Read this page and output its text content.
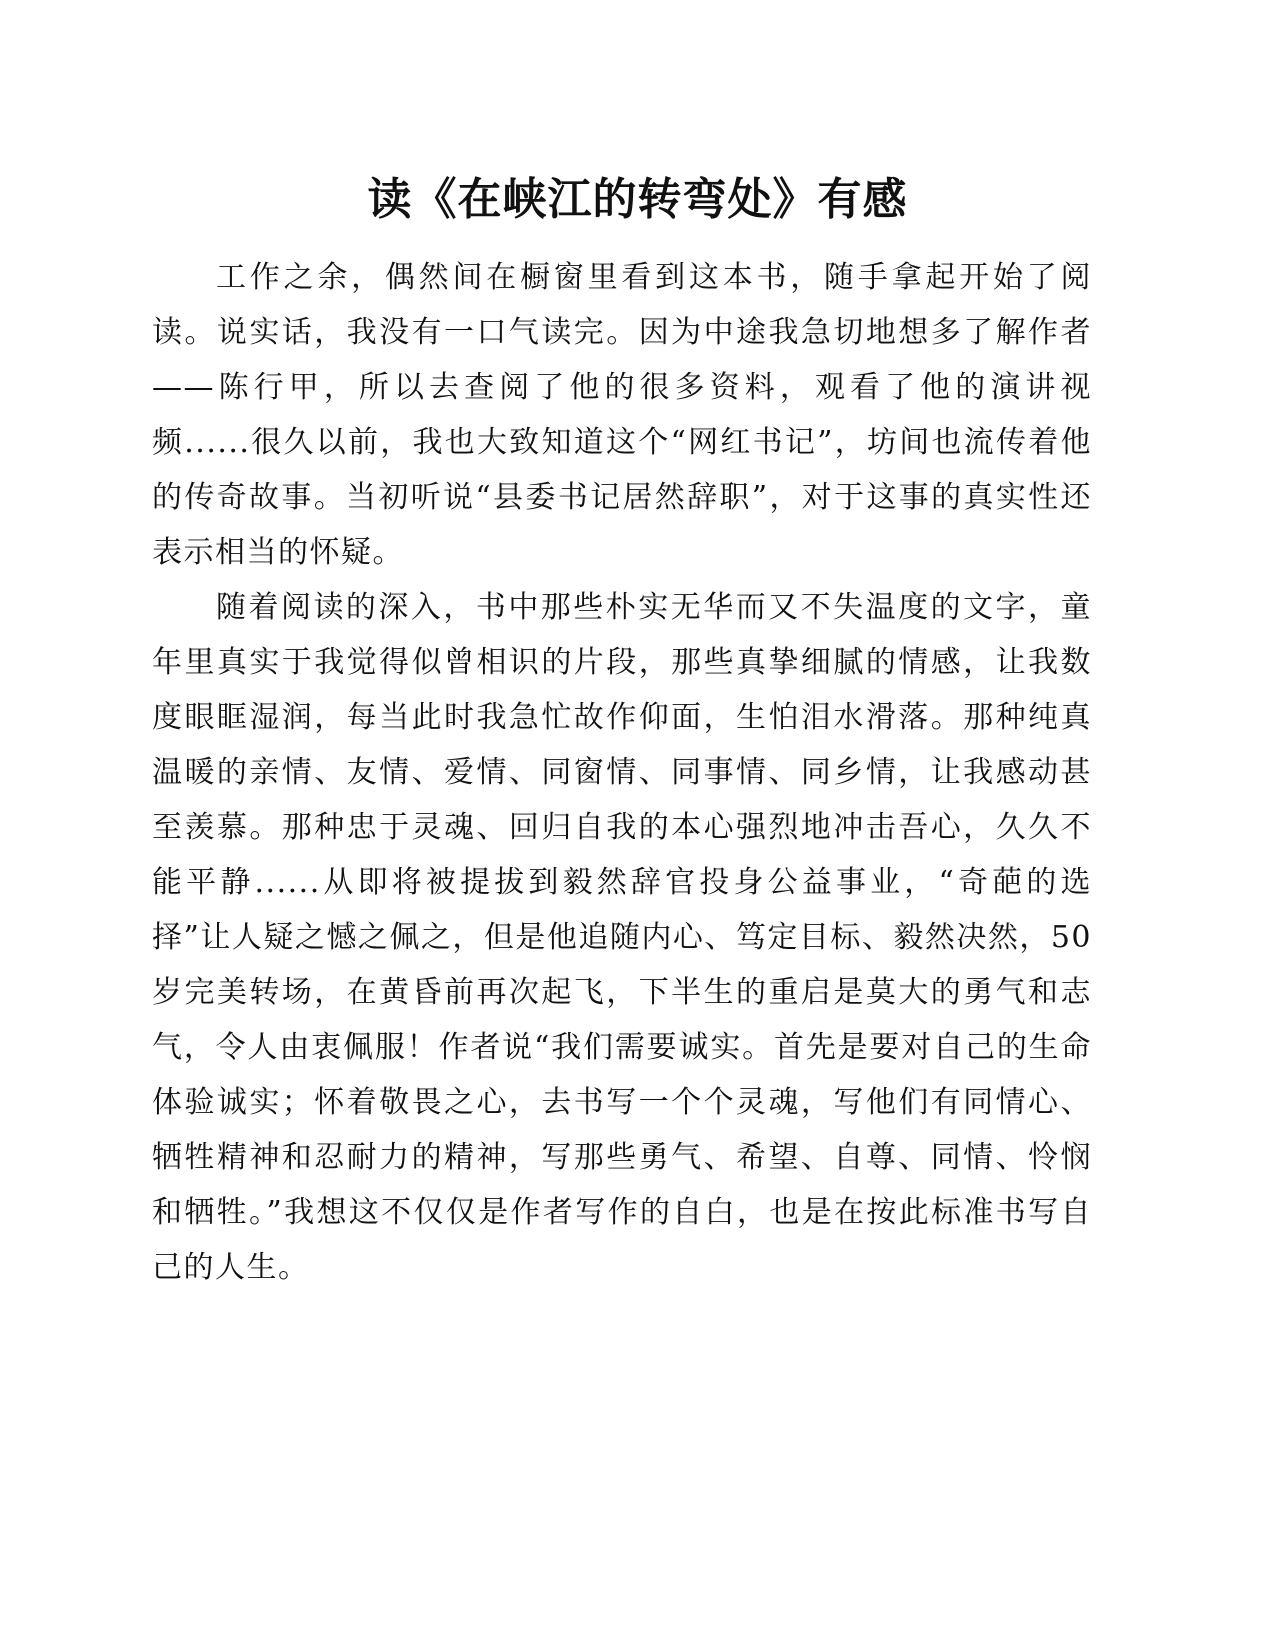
读《在峡江的转弯处》有感

工作之余，偶然间在橱窗里看到这本书，随手拿起开始了阅读。说实话，我没有一口气读完。因为中途我急切地想多了解作者——陈行甲，所以去查阅了他的很多资料，观看了他的演讲视频......很久以前，我也大致知道这个“网红书记”，坊间也流传着他的传奇故事。当初听说“县委书记居然辞职”，对于这事的真实性还表示相当的怀疑。

随着阅读的深入，书中那些朴实无华而又不失温度的文字，童年里真实于我觉得似曾相识的片段，那些真挚细腻的情感，让我数度眼眶湿润，每当此时我急忙故作仰面，生怕泪水滑落。那种纯真温暖的亲情、友情、爱情、同窗情、同事情、同乡情，让我感动甚至羡慕。那种忠于灵魂、回归自我的本心强烈地冲击吾心，久久不能平静......从即将被提拔到毅然辞官投身公益事业，“奇葩的选择”让人疑之憾之佩之，但是他追随内心、笃定目标、毅然决然，50岁完美转场，在黄昏前再次起飞，下半生的重启是莫大的勇气和志气，令人由衷佩服！作者说“我们需要诚实。首先是要对自己的生命体验诚实；怀着敬畏之心，去书写一个个灵魂，写他们有同情心、牺牲精神和忍耐力的精神，写那些勇气、希望、自尊、同情、怜悯和牺牲。”我想这不仅仅是作者写作的自白，也是在按此标准书写自己的人生。
